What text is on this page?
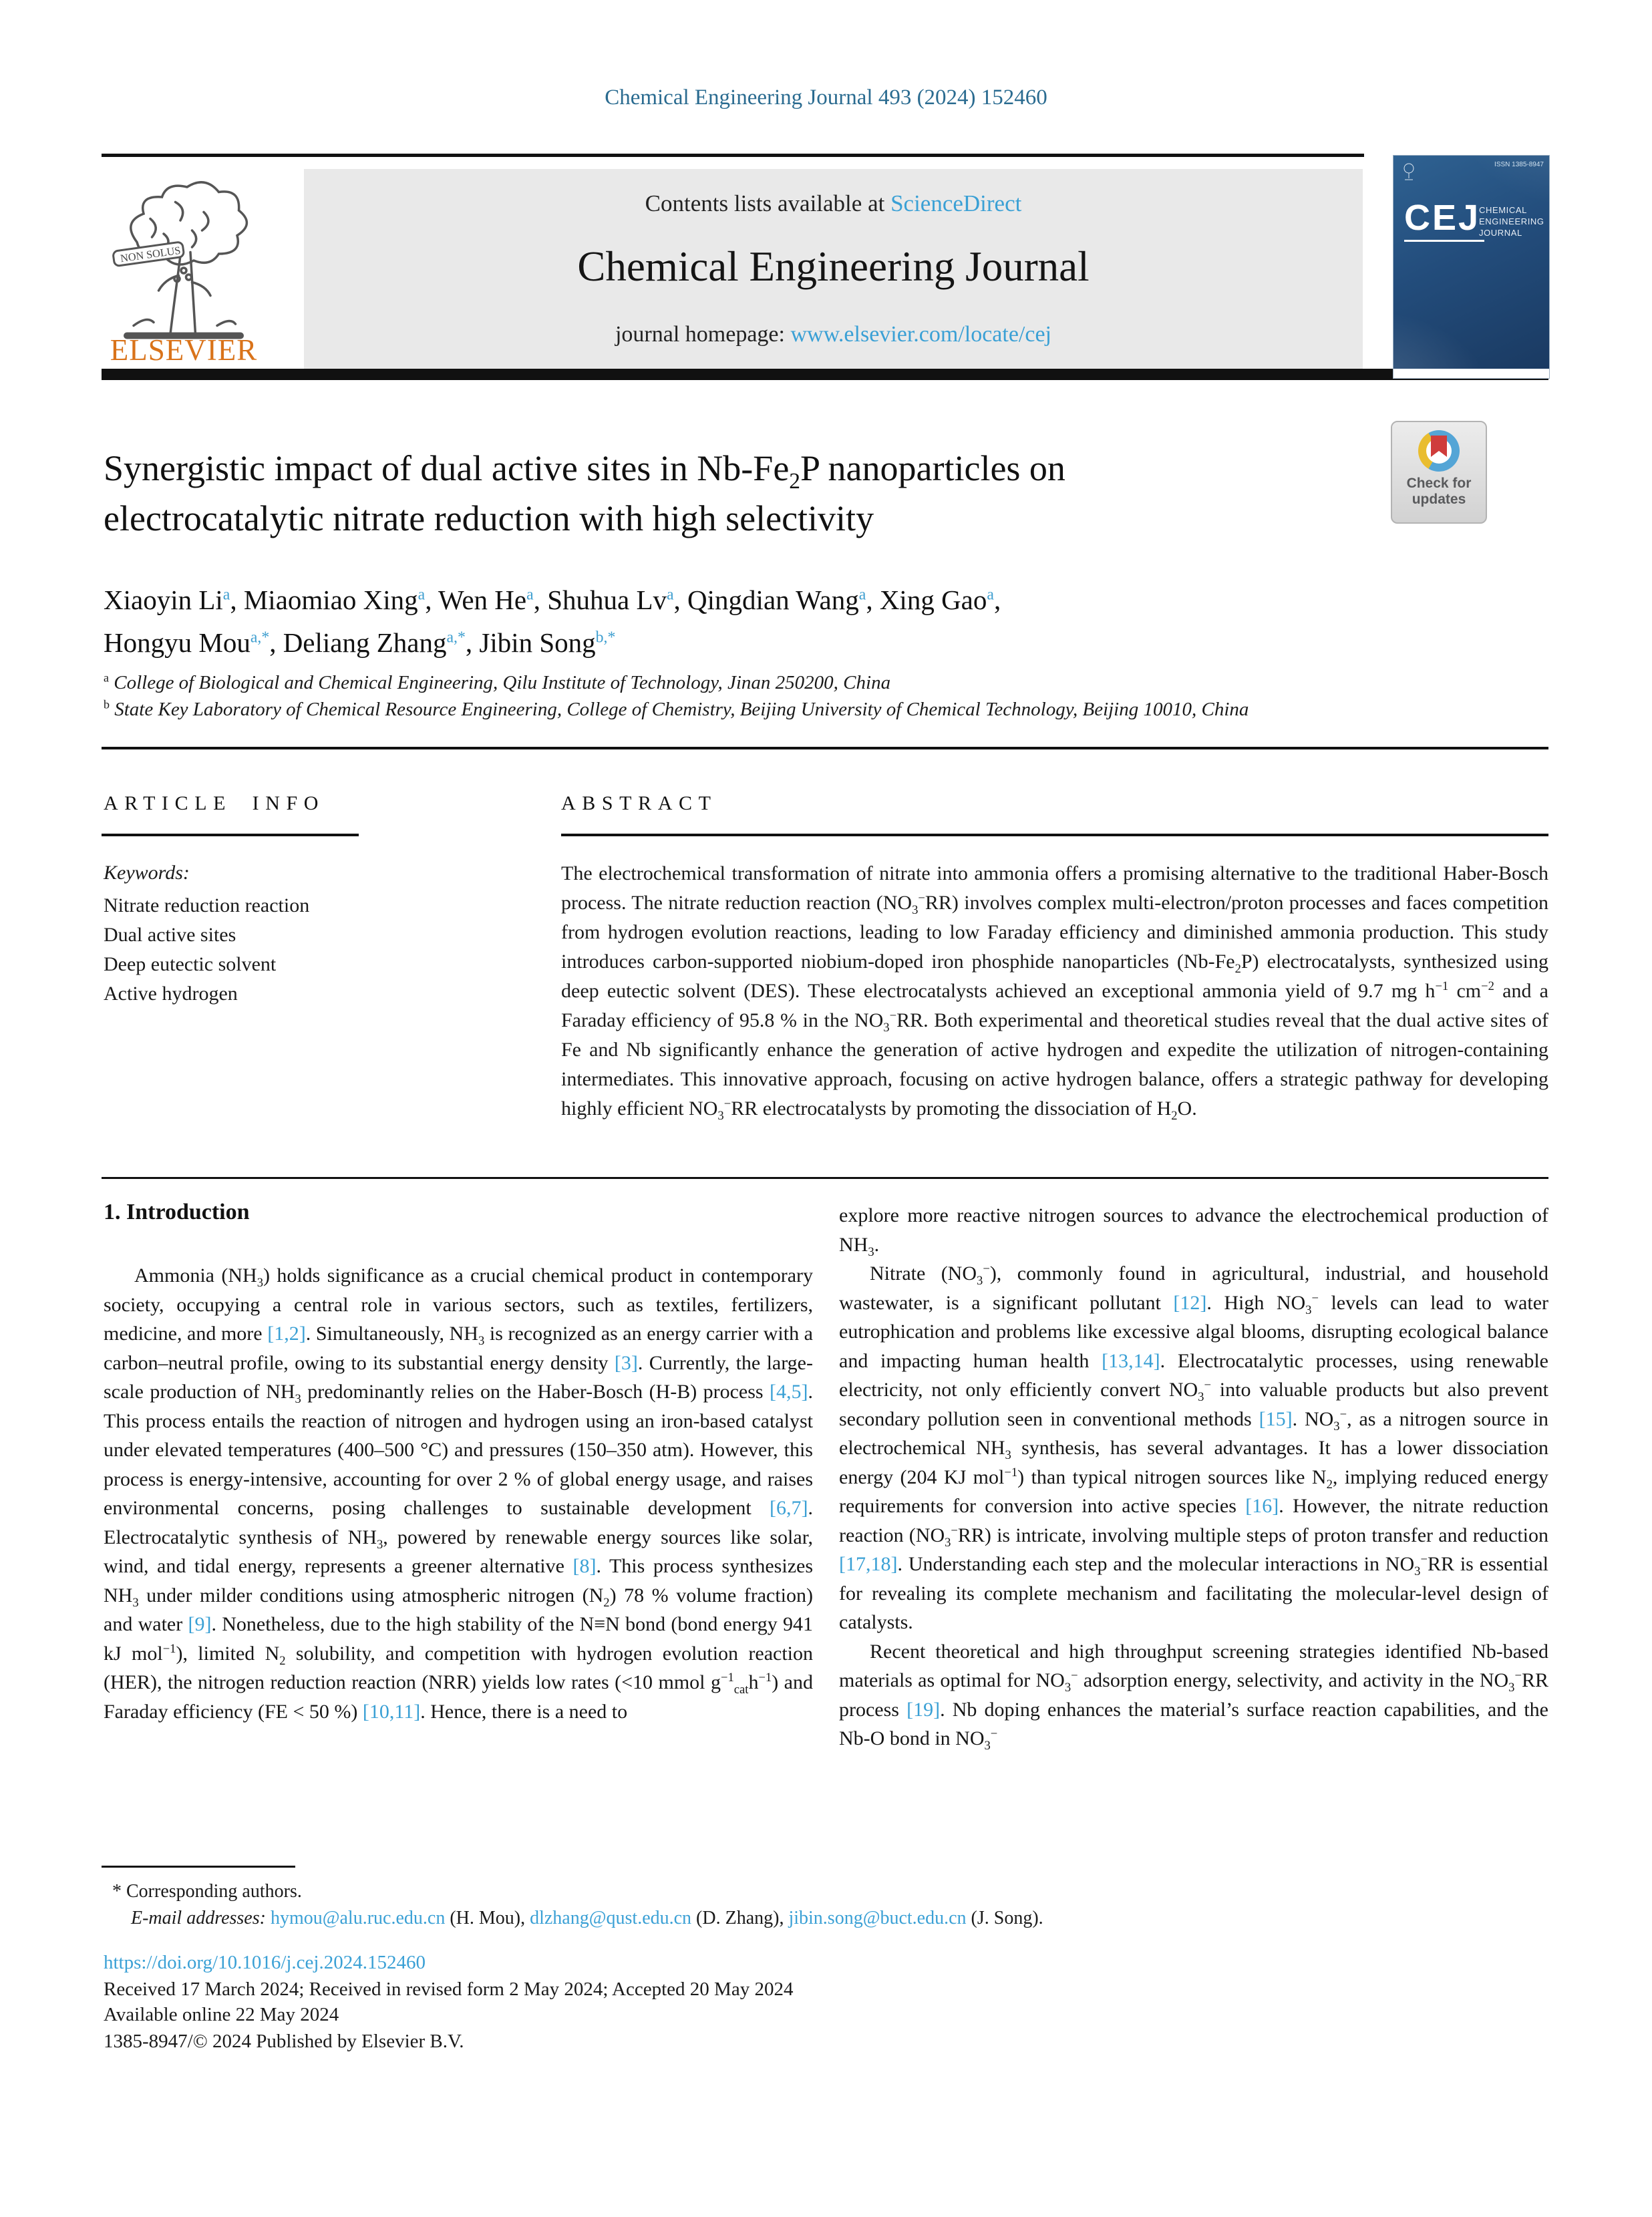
Chemical Engineering Journal 493 (2024) 152460
NON SOLUS
ELSEVIER
Contents lists available at ScienceDirect
Chemical Engineering Journal
journal homepage: www.elsevier.com/locate/cej
ISSN 1385-8947
CEJ
CHEMICAL
ENGINEERING
JOURNAL
Check for
updates
Synergistic impact of dual active sites in $Nb-Fe_2P$ nanoparticles on electrocatalytic nitrate reduction with high selectivity
Xiaoyin Li$^a$, Miaomiao Xing$^a$, Wen He$^a$, Shuhua Lv$^a$, Qingdian Wang$^a$, Xing Gao$^a$,
Hongyu Mou$^{a,*}$, Deliang Zhang$^{a,*}$, Jibin Song$^{b,*}$
$^a$ College of Biological and Chemical Engineering, Qilu Institute of Technology, Jinan 250200, China
$^b$ State Key Laboratory of Chemical Resource Engineering, College of Chemistry, Beijing University of Chemical Technology, Beijing 10010, China
ARTICLE INFO	ABSTRACT
Keywords:
Nitrate reduction reaction
Dual active sites
Deep eutectic solvent
Active hydrogen
The electrochemical transformation of nitrate into ammonia offers a promising alternative to the traditional Haber-Bosch process. The nitrate reduction reaction $(NO_3^-RR)$ involves complex multi-electron/proton processes and faces competition from hydrogen evolution reactions, leading to low Faraday efficiency and diminished ammonia production. This study introduces carbon-supported niobium-doped iron phosphide nanoparticles $(Nb-Fe_2P)$ electrocatalysts, synthesized using deep eutectic solvent (DES). These electrocatalysts achieved an exceptional ammonia yield of 9.7 mg $h^{-1}$ $cm^{-2}$ and a Faraday efficiency of 95.8 % in the $NO_3^-RR$. Both experimental and theoretical studies reveal that the dual active sites of Fe and Nb significantly enhance the generation of active hydrogen and expedite the utilization of nitrogen-containing intermediates. This innovative approach, focusing on active hydrogen balance, offers a strategic pathway for developing highly efficient $NO_3^-RR$ electrocatalysts by promoting the dissociation of $H_2O$.
1. Introduction

Ammonia $(NH_3)$ holds significance as a crucial chemical product in contemporary society, occupying a central role in various sectors, such as textiles, fertilizers, medicine, and more [1,2]. Simultaneously, $NH_3$ is recognized as an energy carrier with a carbon–neutral profile, owing to its substantial energy density [3]. Currently, the large-scale production of $NH_3$ predominantly relies on the Haber-Bosch (H-B) process [4,5]. This process entails the reaction of nitrogen and hydrogen using an iron-based catalyst under elevated temperatures (400–500 °C) and pressures (150–350 atm). However, this process is energy-intensive, accounting for over 2 % of global energy usage, and raises environmental concerns, posing challenges to sustainable development [6,7]. Electrocatalytic synthesis of $NH_3$, powered by renewable energy sources like solar, wind, and tidal energy, represents a greener alternative [8]. This process synthesizes $NH_3$ under milder conditions using atmospheric nitrogen $(N_2)$ 78 % volume fraction) and water [9]. Nonetheless, due to the high stability of the N≡N bond (bond energy 941 kJ mol$^{-1}$), limited $N_2$ solubility, and competition with hydrogen evolution reaction (HER), the nitrogen reduction reaction (NRR) yields low rates (<10 mmol $g^{-1}_{cat}h^{-1}$) and Faraday efficiency (FE < 50 %) [10,11]. Hence, there is a need to

explore more reactive nitrogen sources to advance the electrochemical production of $NH_3$.

Nitrate $(NO_3^-)$, commonly found in agricultural, industrial, and household wastewater, is a significant pollutant [12]. High $NO_3^-$ levels can lead to water eutrophication and problems like excessive algal blooms, disrupting ecological balance and impacting human health [13,14]. Electrocatalytic processes, using renewable electricity, not only efficiently convert $NO_3^-$ into valuable products but also prevent secondary pollution seen in conventional methods [15]. $NO_3^-$, as a nitrogen source in electrochemical $NH_3$ synthesis, has several advantages. It has a lower dissociation energy (204 KJ mol$^{-1}$) than typical nitrogen sources like $N_2$, implying reduced energy requirements for conversion into active species [16]. However, the nitrate reduction reaction $(NO_3^-RR)$ is intricate, involving multiple steps of proton transfer and reduction [17,18]. Understanding each step and the molecular interactions in $NO_3^-RR$ is essential for revealing its complete mechanism and facilitating the molecular-level design of catalysts.

Recent theoretical and high throughput screening strategies identified Nb-based materials as optimal for $NO_3^-$ adsorption energy, selectivity, and activity in the $NO_3^-RR$ process [19]. Nb doping enhances the material’s surface reaction capabilities, and the Nb-O bond in $NO_3^-$

* Corresponding authors.
E-mail addresses: hymou@alu.ruc.edu.cn (H. Mou), dlzhang@qust.edu.cn (D. Zhang), jibin.song@buct.edu.cn (J. Song).
https://doi.org/10.1016/j.cej.2024.152460
Received 17 March 2024; Received in revised form 2 May 2024; Accepted 20 May 2024
Available online 22 May 2024
1385-8947/© 2024 Published by Elsevier B.V.
